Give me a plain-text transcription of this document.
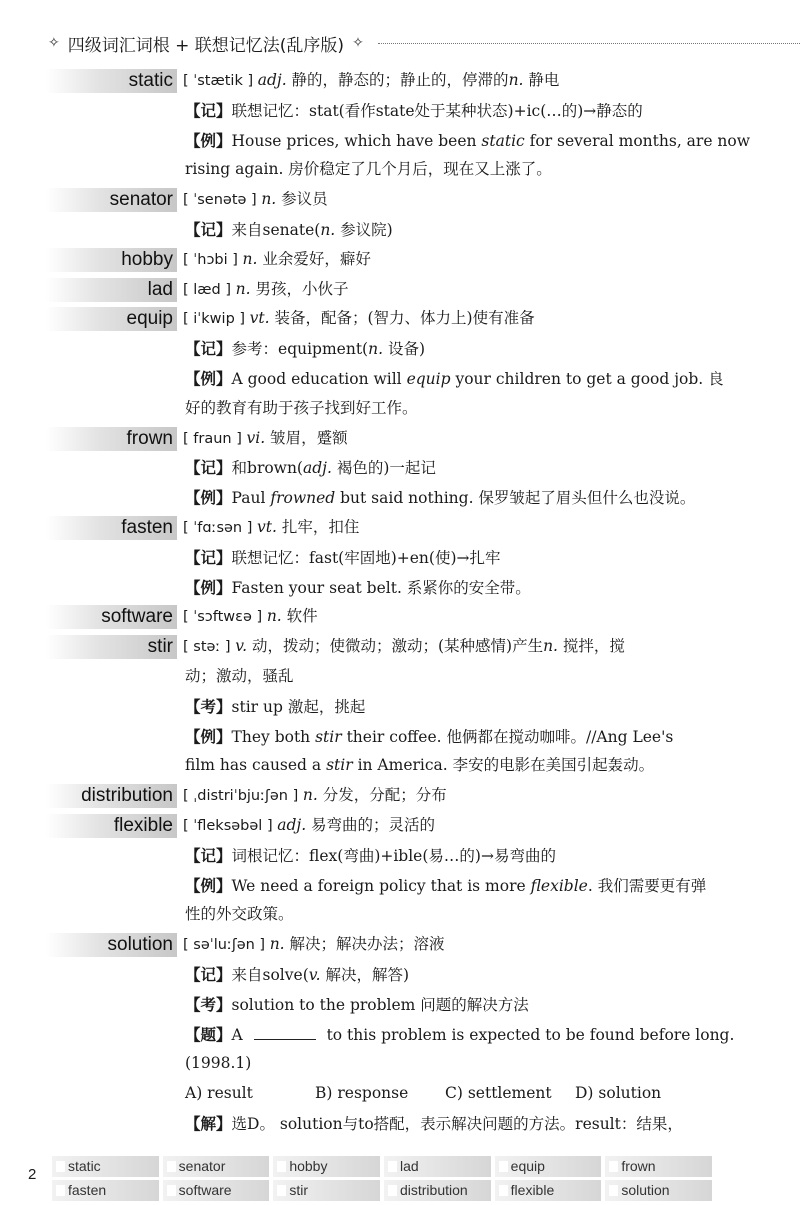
✧ 四级词汇词根 + 联想记忆法(乱序版) ✧
static [ ˈstætik ] adj. 静的，静态的；静止的，停滞的n. 静电
【记】联想记忆：stat(看作state处于某种状态)+ic(…的)→静态的
【例】House prices, which have been static for several months, are now
rising again. 房价稳定了几个月后，现在又上涨了。
senator [ ˈsenətə ] n. 参议员
【记】来自senate(n. 参议院)
hobby [ ˈhɔbi ] n. 业余爱好，癖好
lad [ læd ] n. 男孩，小伙子
equip [ iˈkwip ] vt. 装备，配备；(智力、体力上)使有准备
【记】参考：equipment(n. 设备)
【例】A good education will equip your children to get a good job. 良
好的教育有助于孩子找到好工作。
frown [ fraun ] vi. 皱眉，蹙额
【记】和brown(adj. 褐色的)一起记
【例】Paul frowned but said nothing. 保罗皱起了眉头但什么也没说。
fasten [ ˈfɑːsən ] vt. 扎牢，扣住
【记】联想记忆：fast(牢固地)+en(使)→扎牢
【例】Fasten your seat belt. 系紧你的安全带。
software [ ˈsɔftwɛə ] n. 软件
stir [ stəː ] v. 动，拨动；使微动；激动；(某种感情)产生n. 搅拌，搅
动；激动，骚乱
【考】stir up 激起，挑起
【例】They both stir their coffee. 他俩都在搅动咖啡。//Ang Lee's
film has caused a stir in America. 李安的电影在美国引起轰动。
distribution [ ˌdistriˈbjuːʃən ] n. 分发，分配；分布
flexible [ ˈfleksəbəl ] adj. 易弯曲的；灵活的
【记】词根记忆：flex(弯曲)+ible(易…的)→易弯曲的
【例】We need a foreign policy that is more flexible. 我们需要更有弹
性的外交政策。
solution [ səˈluːʃən ] n. 解决；解决办法；溶液
【记】来自solve(v. 解决，解答)
【考】solution to the problem 问题的解决方法
【题】A	to this problem is expected to be found before long.
(1998.1)
A) result	B) response	C) settlement	D) solution
【解】选D。 solution与to搭配，表示解决问题的方法。result：结果，
2	static	senator	hobby	lad	equip	frown
fasten	software	stir	distribution	flexible	solution
